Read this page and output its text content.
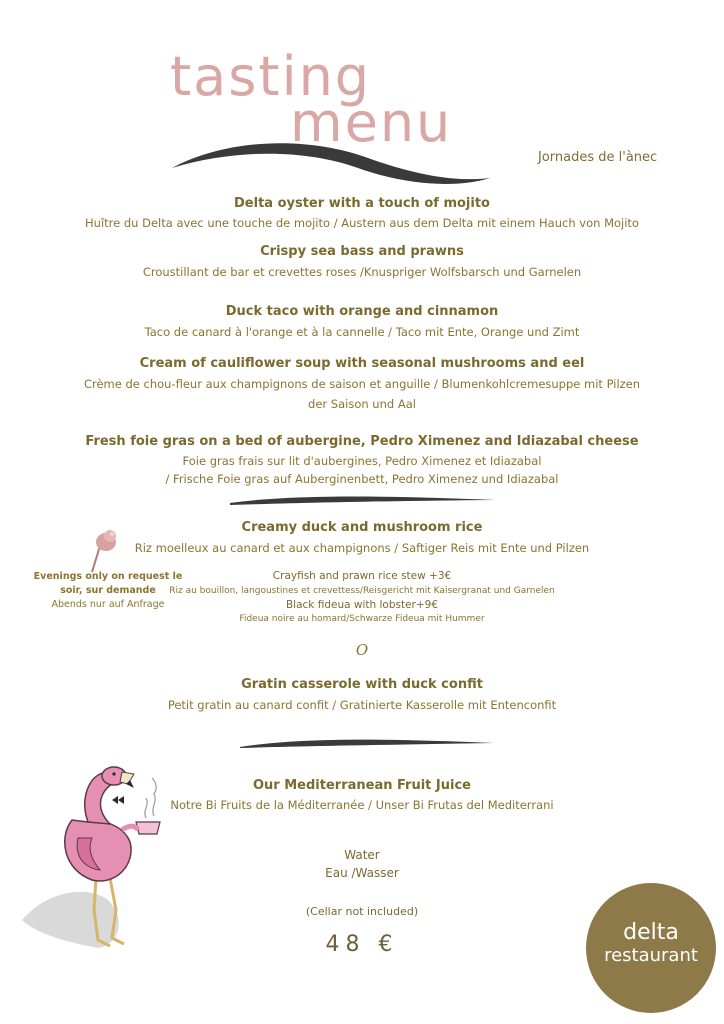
tasting
menu
Jornades de l'ànec
Delta oyster with a touch of mojito
Huître du Delta avec une touche de mojito / Austern aus dem Delta mit einem Hauch von Mojito
Crispy sea bass and prawns
Croustillant de bar et crevettes roses /Knuspriger Wolfsbarsch und Garnelen
Duck taco with orange and cinnamon
Taco de canard à l'orange et à la cannelle / Taco mit Ente, Orange und Zimt
Cream of cauliflower soup with seasonal mushrooms and eel
Crème de chou-fleur aux champignons de saison et anguille / Blumenkohlcremesuppe mit Pilzen
der Saison und Aal
Fresh foie gras on a bed of aubergine, Pedro Ximenez and Idiazabal cheese
Foie gras frais sur lit d'aubergines, Pedro Ximenez et Idiazabal
/ Frische Foie gras auf Auberginenbett, Pedro Ximenez und Idiazabal
Creamy duck and mushroom rice
Riz moelleux au canard et aux champignons / Saftiger Reis mit Ente und Pilzen
Evenings only on request le
soir, sur demande
Abends nur auf Anfrage
Crayfish and prawn rice stew +3€
Riz au bouillon, langoustines et crevettess/Reisgericht mit Kaisergranat und Garnelen
Black fideua with lobster+9€
Fideua noire au homard/Schwarze Fideua mit Hummer
O
Gratin casserole with duck confit
Petit gratin au canard confit / Gratinierte Kasserolle mit Entenconfit
Our Mediterranean Fruit Juice
Notre Bi Fruits de la Méditerranée / Unser Bi Frutas del Mediterrani
Water
Eau /Wasser
(Cellar not included)
48 €	delta
restaurant
